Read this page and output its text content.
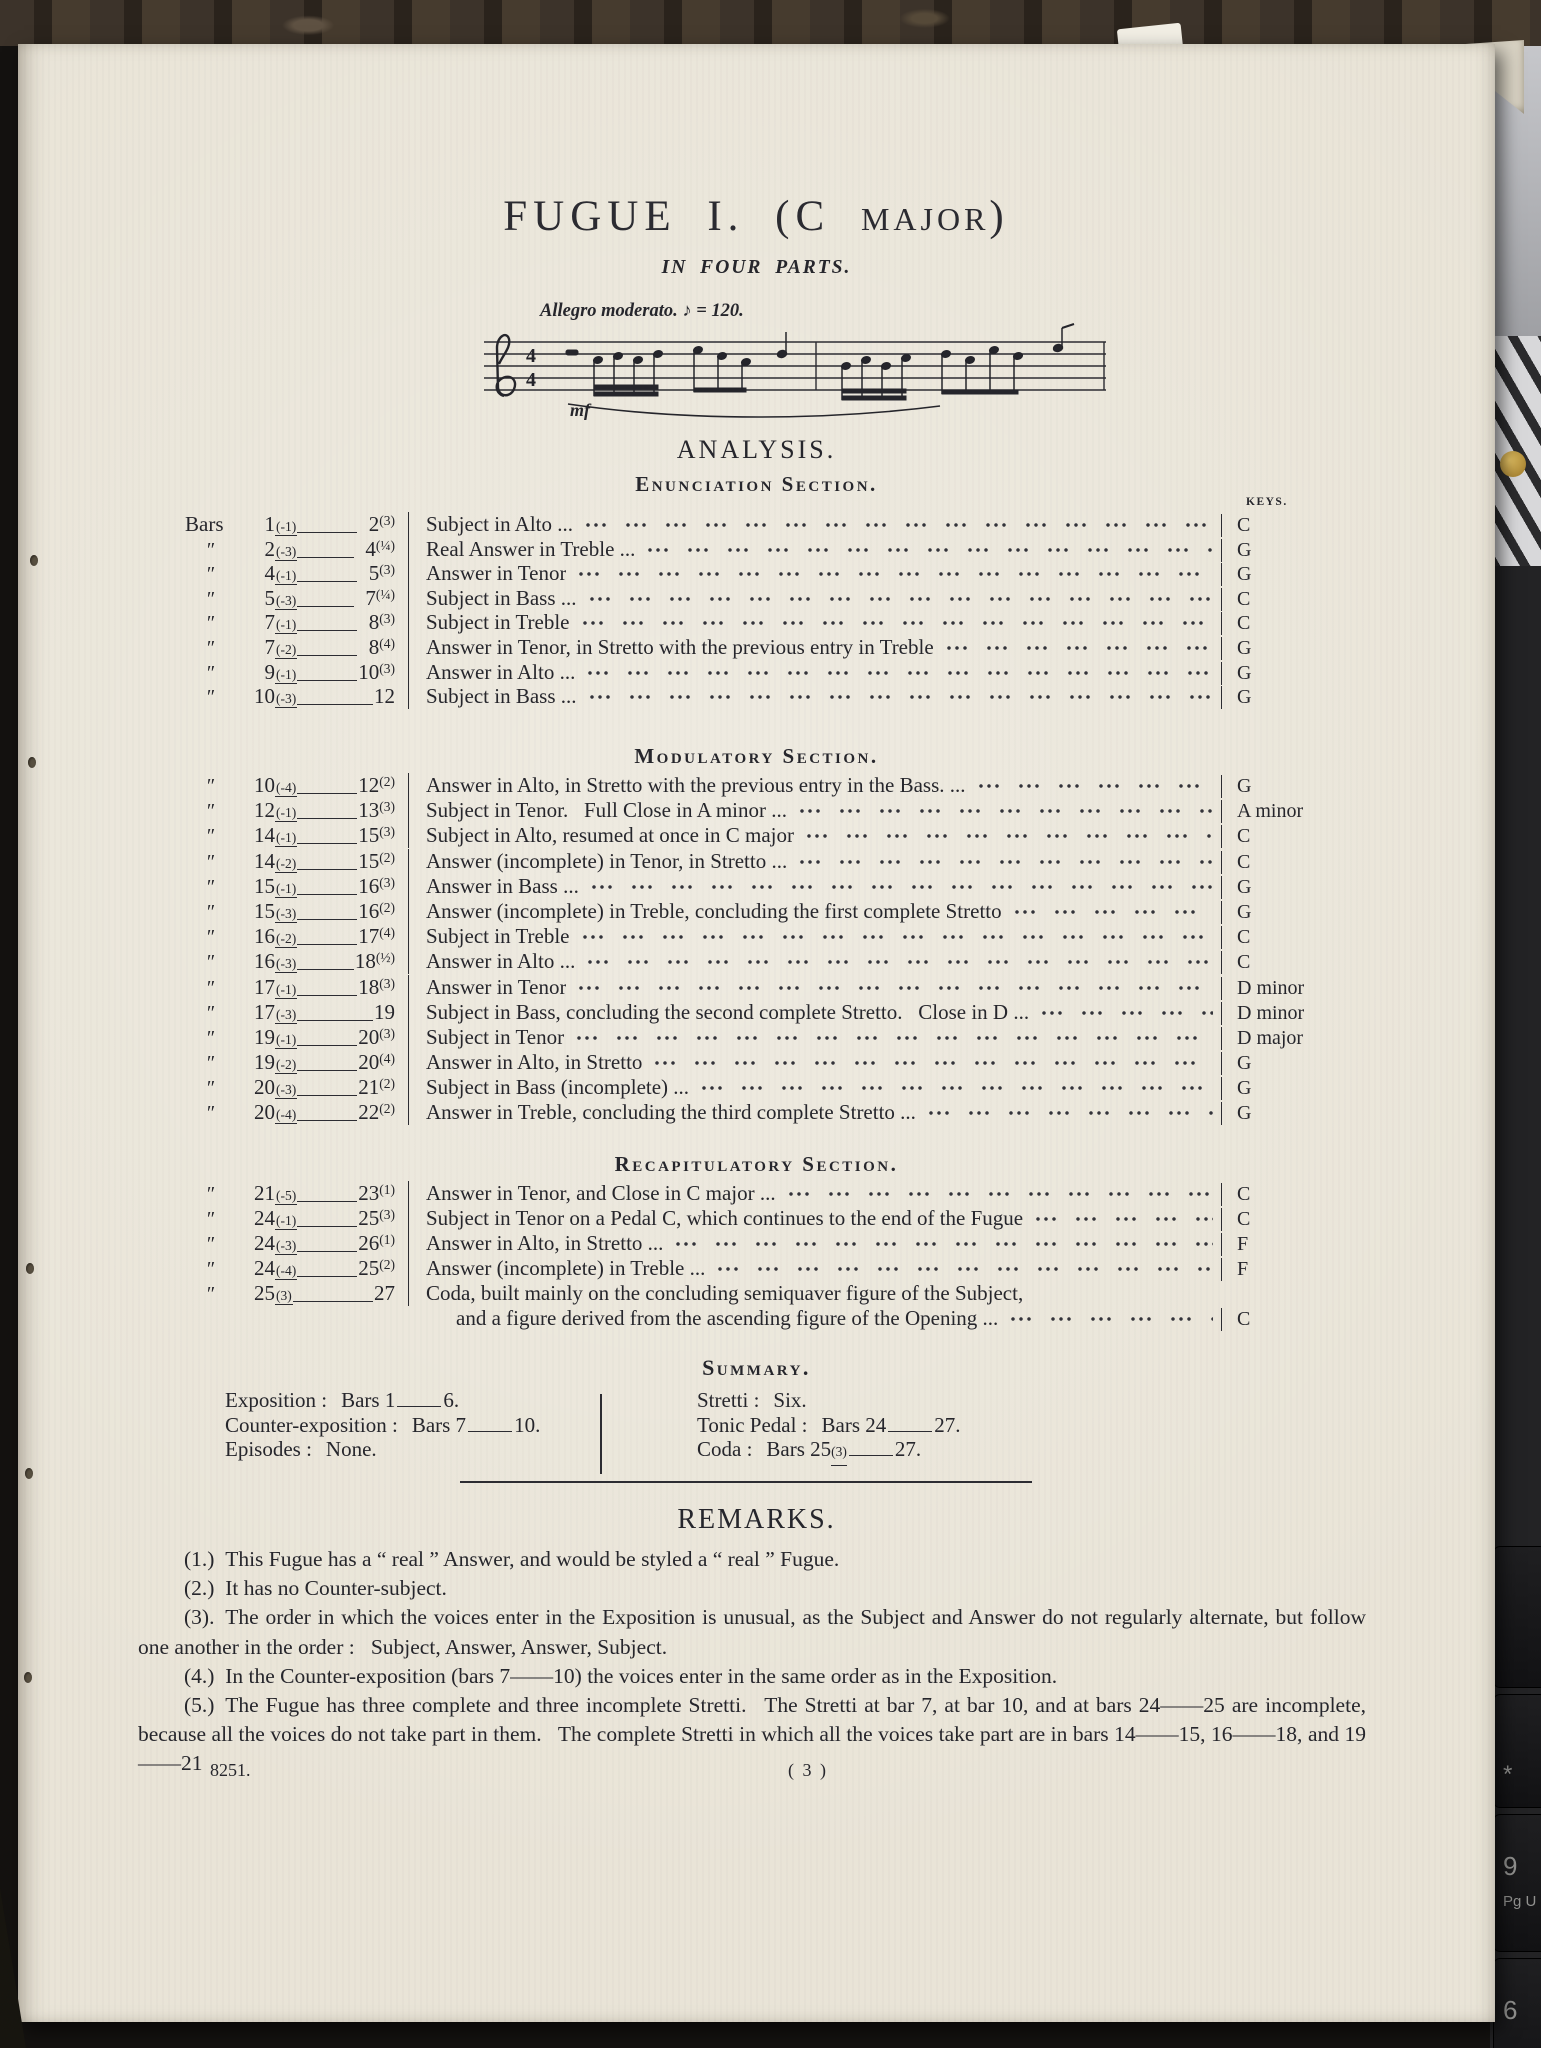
*
9
Pg U
6
FUGUE I. (C MAJOR)
IN FOUR PARTS.
Allegro moderato. ♪ = 120.
4
4
mf
ANALYSIS.
Enunciation Section.
KEYS.
Bars	1 (-1)	2 (3) Subject in Alto ...	C
″	2 (-3)	4 (¼) Real Answer in Treble ...	G
″	4 (-1)	5 (3) Answer in Tenor	G
″	5 (-3)	7 (¼) Subject in Bass ...	C
″	7 (-1)	8 (3) Subject in Treble	C
″	7 (-2)	8 (4) Answer in Tenor, in Stretto with the previous entry in Treble	G
″	9 (-1)	10 (3) Answer in Alto ...	G
″	10 (-3)	12 Subject in Bass ...	G
Modulatory Section.
″	10 (-4)	12 (2) Answer in Alto, in Stretto with the previous entry in the Bass. ...	G
″	12 (-1)	13 (3) Subject in Tenor.  Full Close in A minor ...	A minor
″	14 (-1)	15 (3) Subject in Alto, resumed at once in C major	C
″	14 (-2)	15 (2) Answer (incomplete) in Tenor, in Stretto ...	C
″	15 (-1)	16 (3) Answer in Bass ...	G
″	15 (-3)	16 (2) Answer (incomplete) in Treble, concluding the first complete Stretto	G
″	16 (-2)	17 (4) Subject in Treble	C
″	16 (-3)	18 (½) Answer in Alto ...	C
″	17 (-1)	18 (3) Answer in Tenor	D minor
″	17 (-3)	19 Subject in Bass, concluding the second complete Stretto.  Close in D ...	D minor
″	19 (-1)	20 (3) Subject in Tenor	D major
″	19 (-2)	20 (4) Answer in Alto, in Stretto	G
″	20 (-3)	21 (2) Subject in Bass (incomplete) ...	G
″	20 (-4)	22 (2) Answer in Treble, concluding the third complete Stretto ...	G
Recapitulatory Section.
″	21 (-5)	23 (1) Answer in Tenor, and Close in C major ...	C
″	24 (-1)	25 (3) Subject in Tenor on a Pedal C, which continues to the end of the Fugue	C
″	24 (-3)	26 (1) Answer in Alto, in Stretto ...	F
″	24 (-4)	25 (2) Answer (incomplete) in Treble ...	F
″	25 (3)	27 Coda, built mainly on the concluding semiquaver figure of the Subject,
and a figure derived from the ascending figure of the Opening ...	C
Summary.
Exposition : Bars 1 6.
Counter-exposition : Bars 7 10.
Episodes : None.
Stretti : Six.
Tonic Pedal : Bars 24 27.
Coda : Bars 25(3) 27.
REMARKS.

(1.) This Fugue has a “ real ” Answer, and would be styled a “ real ” Fugue.

(2.) It has no Counter-subject.

(3). The order in which the voices enter in the Exposition is unusual, as the Subject and Answer do not regularly alternate, but follow one another in the order :  Subject, Answer, Answer, Subject.

(4.) In the Counter-exposition (bars 7——10) the voices enter in the same order as in the Exposition.

(5.) The Fugue has three complete and three incomplete Stretti.  The Stretti at bar 7, at bar 10, and at bars 24——25 are incomplete, because all the voices do not take part in them.  The complete Stretti in which all the voices take part are in bars 14——15, 16——18, and 19——21 8251.	( 3 )
